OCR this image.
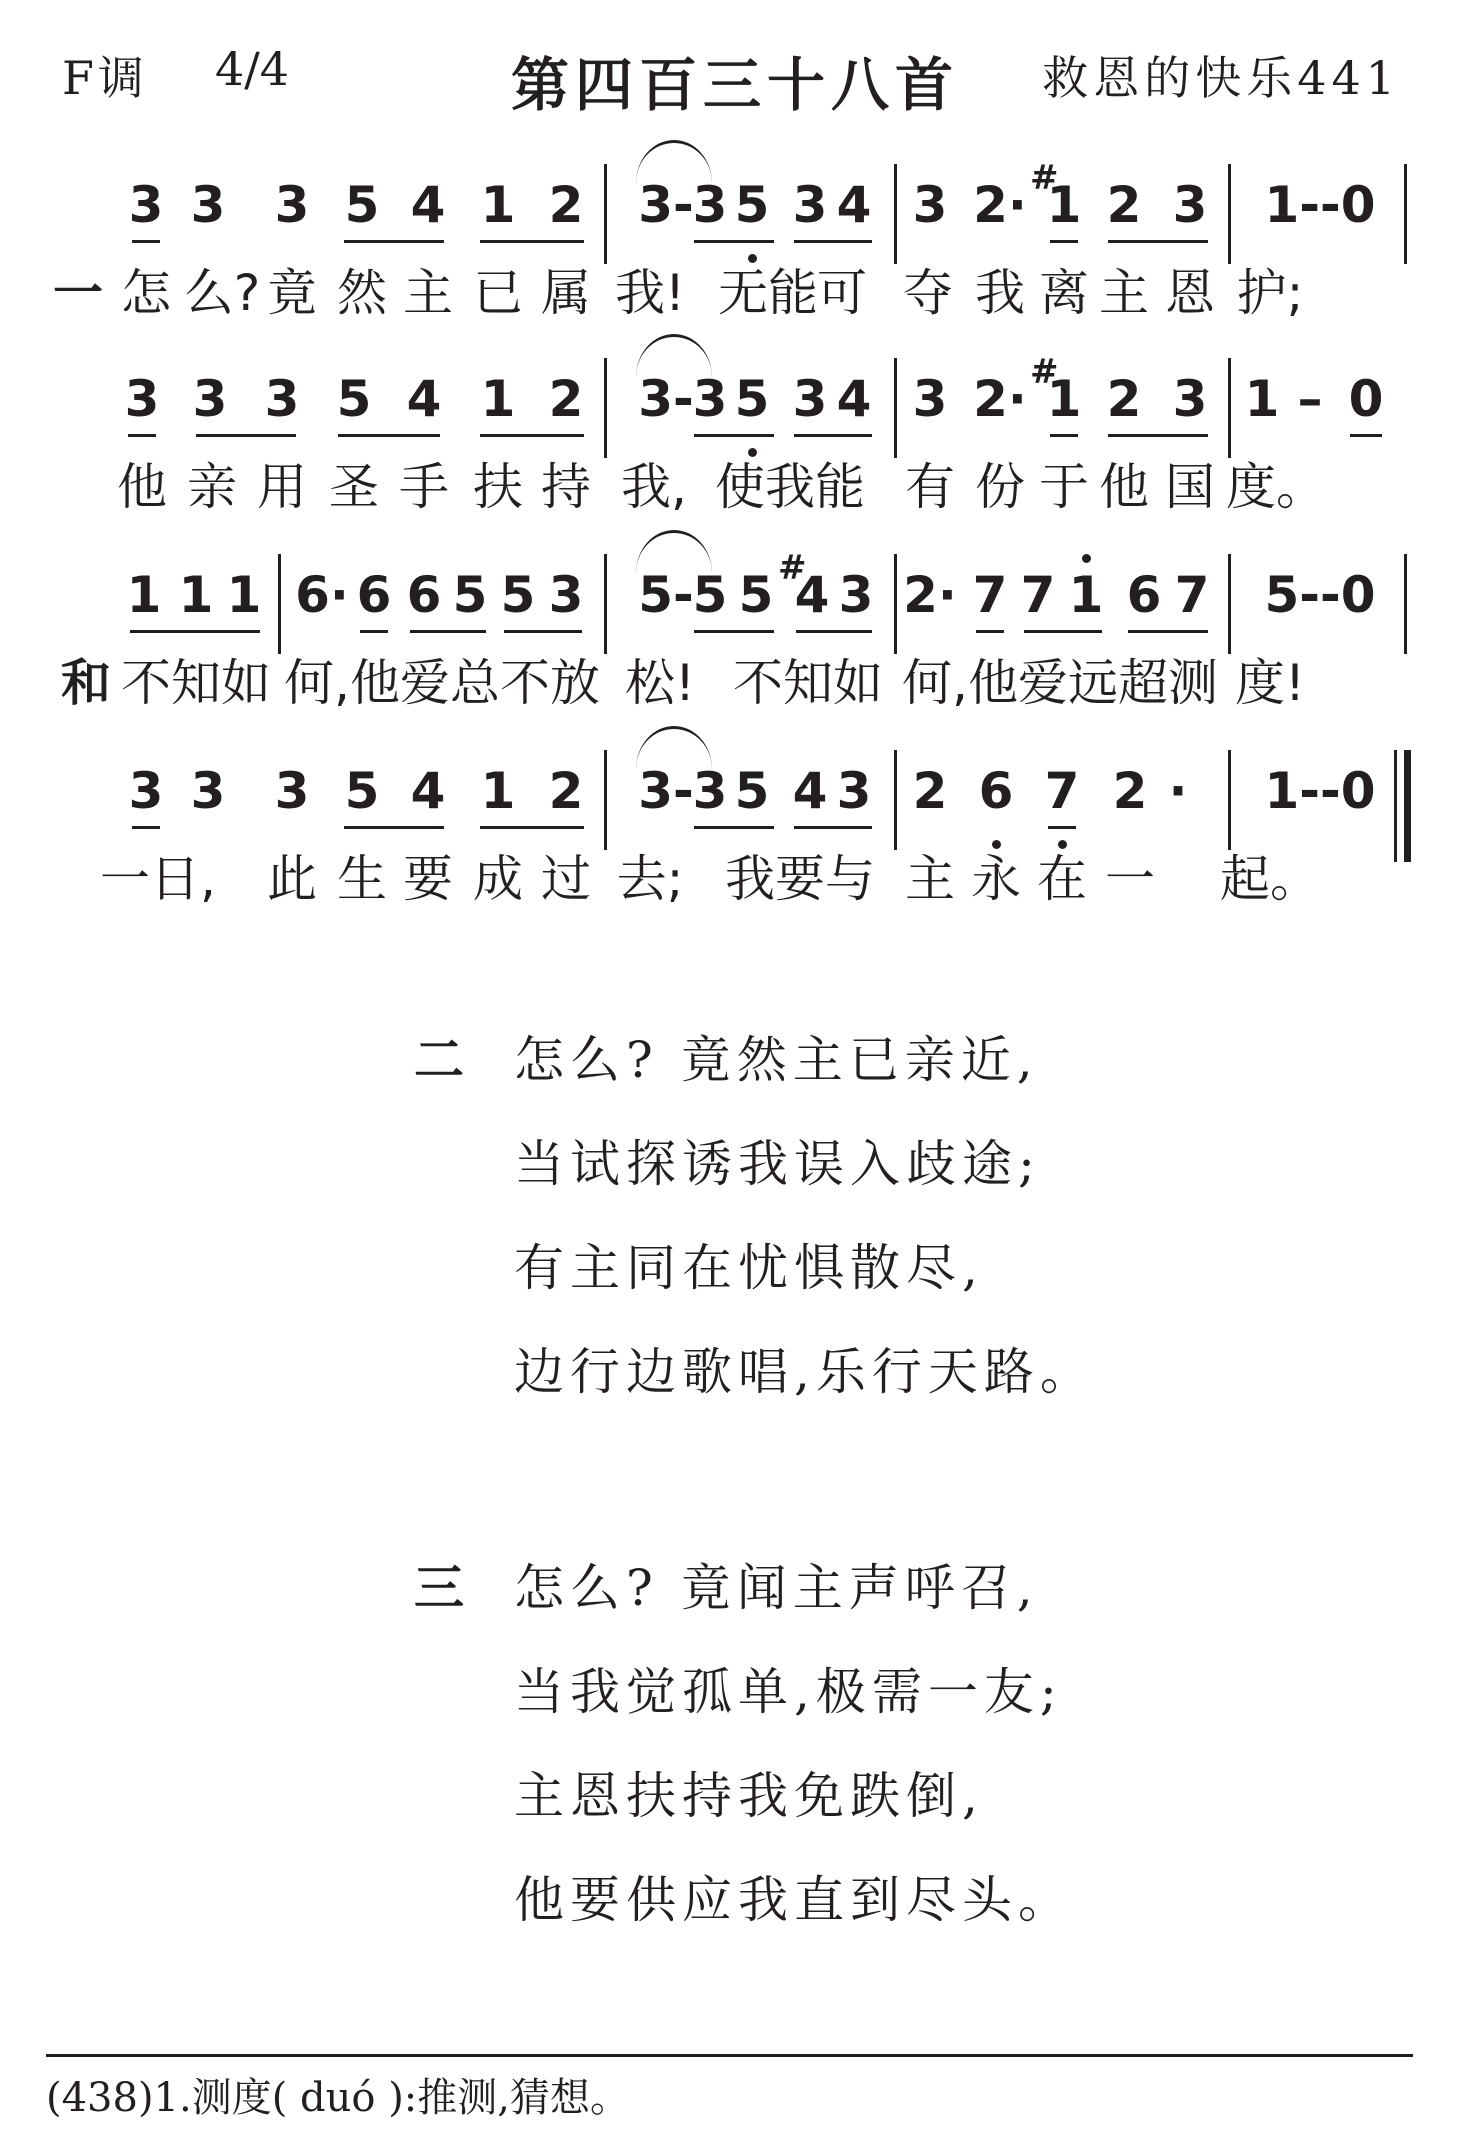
F调 4/4	第四百三十八首	救恩的快乐441
3 3 3 5 4 1 2 3-
3 5 3 4 3 2· #
1 2 3 1--0
一 怎 么? 竟 然 主 已 属 我! 无能 可 夺 我 离 主 恩 护;
3 3 3 5 4 1 2 3-
3 5 3 4 3 2· #
1 2 3 1 – 0
他 亲 用 圣 手 扶 持 我, 使我能 有 份 于 他 国 度。
1 1 1 6· 6 6 5 5 3 5-
5 5 #
4 3 2· 7 7 1 6 7 5--0
和 不知如 何,他爱总不放 松! 不知如 何,他爱远超测 度!
3 3 3 5 4 1 2 3-
3 5 4 3 2 6 7 2 · 1--0
一日, 此 生 要 成 过 去; 我要与 主 永 在 一 起。
二 怎么? 竟然主已亲近,
当试探诱我误入歧途;
有主同在忧惧散尽,
边行边歌唱,乐行天路。
三 怎么? 竟闻主声呼召,
当我觉孤单,极需一友;
主恩扶持我免跌倒,
他要供应我直到尽头。
(438)1.测度( duó ):推测,猜想。
